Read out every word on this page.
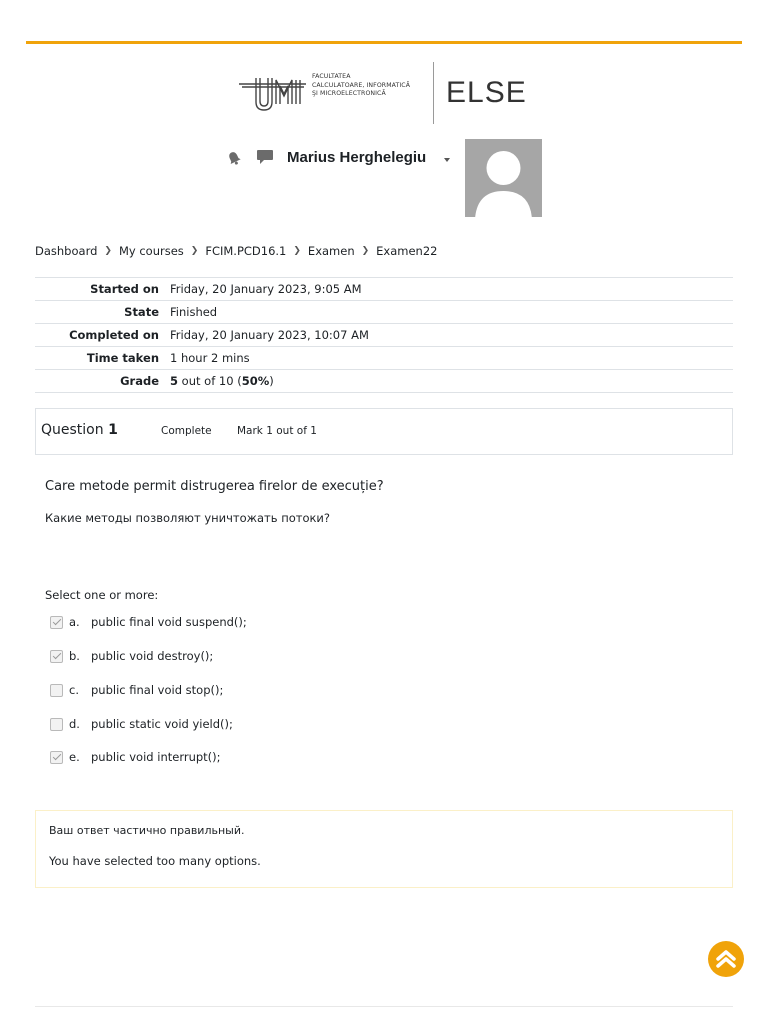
FACULTATEA
CALCULATOARE, INFORMATICĂ
ŞI MICROELECTRONICĂ	ELSE
Marius Herghelegiu
Dashboard ❯ My courses ❯ FCIM.PCD16.1 ❯ Examen ❯ Examen22
Started on	Friday, 20 January 2023, 9:05 AM
State	Finished
Completed on	Friday, 20 January 2023, 10:07 AM
Time taken	1 hour 2 mins
Grade	5 out of 10 (50%)
Question 1	Complete Mark 1 out of 1
Care metode permit distrugerea firelor de execuție?
Какие методы позволяют уничтожать потоки?
Select one or more:
a. public final void suspend();
b. public void destroy();
c.	public final void stop();
d. public static void yield();
e. public void interrupt();
Ваш ответ частично правильный.
You have selected too many options.
